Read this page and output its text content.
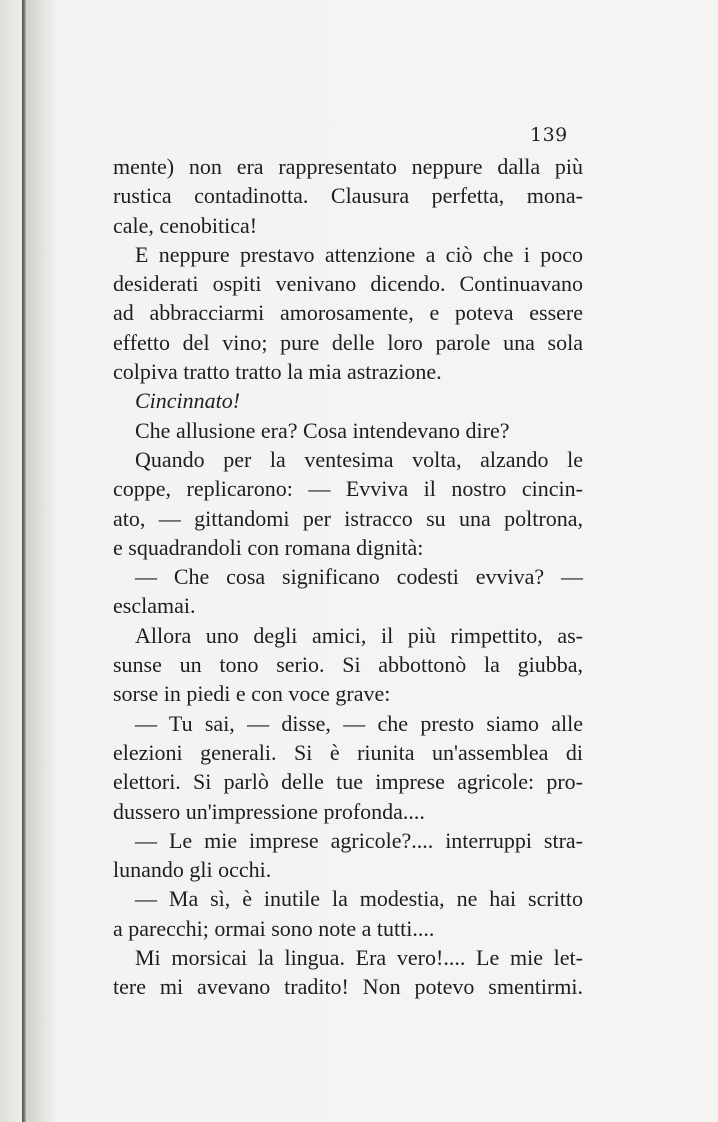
139
mente) non era rappresentato neppure dalla più
rustica contadinotta. Clausura perfetta, mona-
cale, cenobitica!
E neppure prestavo attenzione a ciò che i poco
desiderati ospiti venivano dicendo. Continuavano
ad abbracciarmi amorosamente, e poteva essere
effetto del vino; pure delle loro parole una sola
colpiva tratto tratto la mia astrazione.
Cincinnato!
Che allusione era? Cosa intendevano dire?
Quando per la ventesima volta, alzando le
coppe, replicarono: — Evviva il nostro cincin-
ato, — gittandomi per istracco su una poltrona,
e squadrandoli con romana dignità:
— Che cosa significano codesti evviva? —
esclamai.
Allora uno degli amici, il più rimpettito, as-
sunse un tono serio. Si abbottonò la giubba,
sorse in piedi e con voce grave:
— Tu sai, — disse, — che presto siamo alle
elezioni generali. Si è riunita un'assemblea di
elettori. Si parlò delle tue imprese agricole: pro-
dussero un'impressione profonda....
— Le mie imprese agricole?.... interruppi stra-
lunando gli occhi.
— Ma sì, è inutile la modestia, ne hai scritto
a parecchi; ormai sono note a tutti....
Mi morsicai la lingua. Era vero!.... Le mie let-
tere mi avevano tradito! Non potevo smentirmi.
